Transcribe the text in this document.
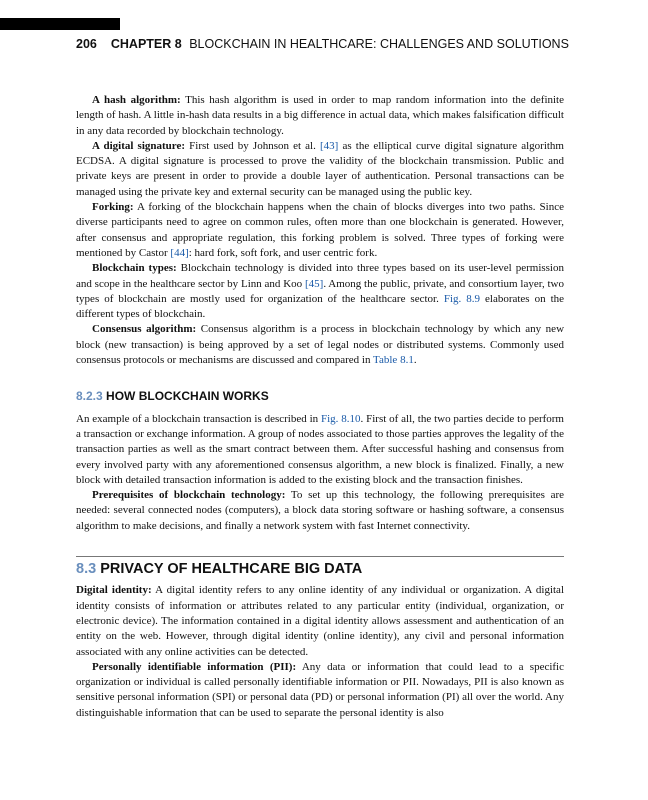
206 CHAPTER 8 BLOCKCHAIN IN HEALTHCARE: CHALLENGES AND SOLUTIONS

A hash algorithm: This hash algorithm is used in order to map random information into the definite length of hash. A little in-hash data results in a big difference in actual data, which makes falsification difficult in any data recorded by blockchain technology.

A digital signature: First used by Johnson et al. [43] as the elliptical curve digital signature algorithm ECDSA. A digital signature is processed to prove the validity of the blockchain transmission. Public and private keys are present in order to provide a double layer of authentication. Personal transactions can be managed using the private key and external security can be managed using the public key.

Forking: A forking of the blockchain happens when the chain of blocks diverges into two paths. Since diverse participants need to agree on common rules, often more than one blockchain is generated. However, after consensus and appropriate regulation, this forking problem is solved. Three types of forking were mentioned by Castor [44]: hard fork, soft fork, and user centric fork.

Blockchain types: Blockchain technology is divided into three types based on its user-level permission and scope in the healthcare sector by Linn and Koo [45]. Among the public, private, and consortium layer, two types of blockchain are mostly used for organization of the healthcare sector. Fig. 8.9 elaborates on the different types of blockchain.

Consensus algorithm: Consensus algorithm is a process in blockchain technology by which any new block (new transaction) is being approved by a set of legal nodes or distributed systems. Commonly used consensus protocols or mechanisms are discussed and compared in Table 8.1.

8.2.3 HOW BLOCKCHAIN WORKS

An example of a blockchain transaction is described in Fig. 8.10. First of all, the two parties decide to perform a transaction or exchange information. A group of nodes associated to those parties approves the legality of the transaction parties as well as the smart contract between them. After successful hashing and consensus from every involved party with any aforementioned consensus algorithm, a new block is finalized. Finally, a new block with detailed transaction information is added to the existing block and the transaction finishes.

Prerequisites of blockchain technology: To set up this technology, the following prerequisites are needed: several connected nodes (computers), a block data storing software or hashing software, a consensus algorithm to make decisions, and finally a network system with fast Internet connectivity.

8.3 PRIVACY OF HEALTHCARE BIG DATA

Digital identity: A digital identity refers to any online identity of any individual or organization. A digital identity consists of information or attributes related to any particular entity (individual, organization, or electronic device). The information contained in a digital identity allows assessment and authentication of an entity on the web. However, through digital identity (online identity), any civil and personal information associated with any online activities can be detected.

Personally identifiable information (PII): Any data or information that could lead to a specific organization or individual is called personally identifiable information or PII. Nowadays, PII is also known as sensitive personal information (SPI) or personal data (PD) or personal information (PI) all over the world. Any distinguishable information that can be used to separate the personal identity is also
